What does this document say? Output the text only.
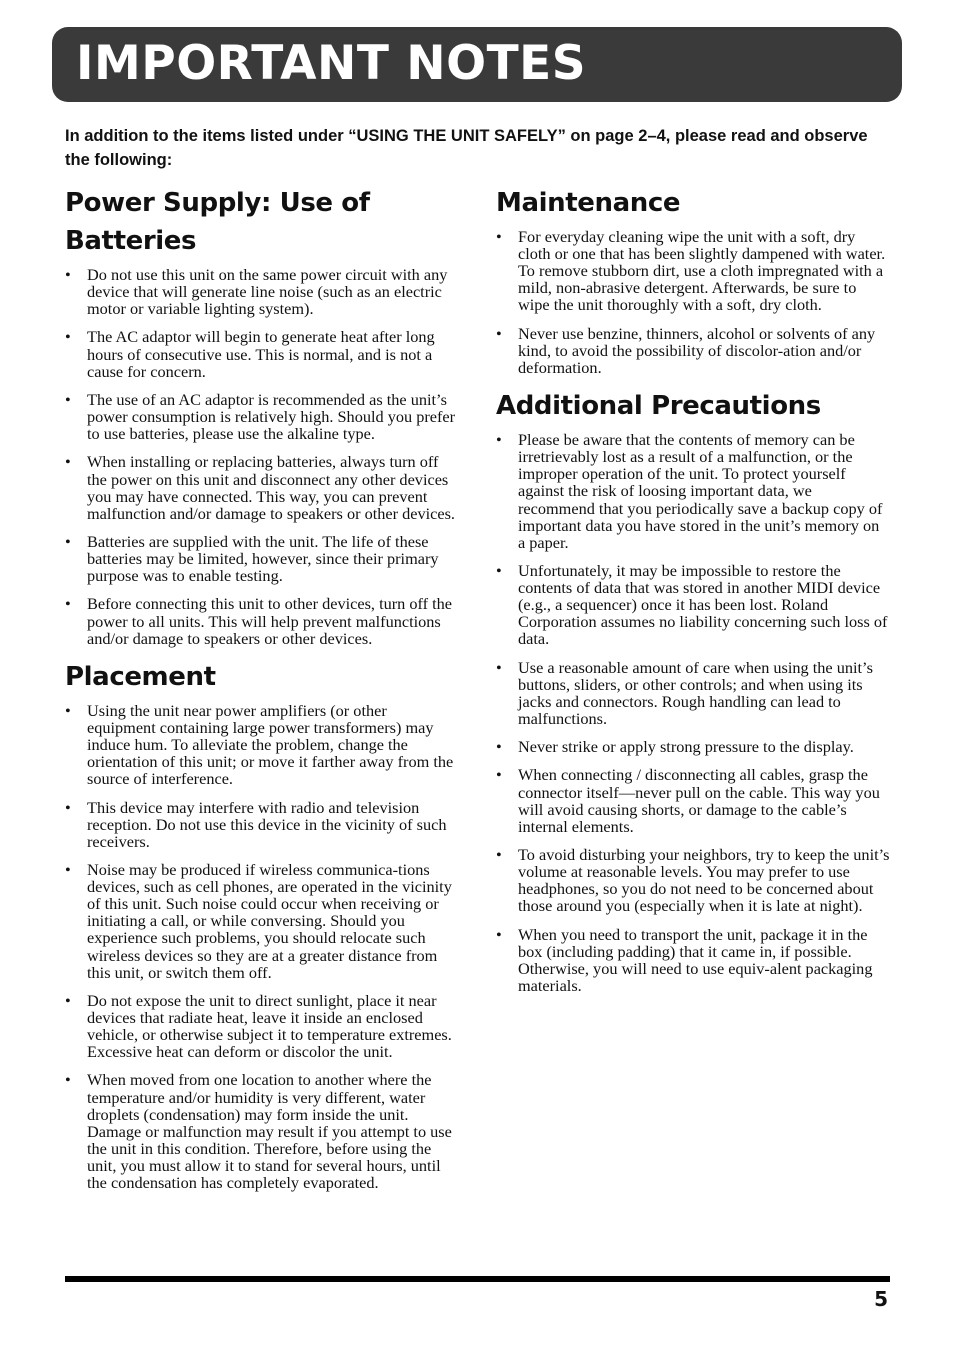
IMPORTANT NOTES
In addition to the items listed under “USING THE UNIT SAFELY” on page 2–4, please read and observe the following:
Power Supply: Use of Batteries
• Do not use this unit on the same power circuit with any device that will generate line noise (such as an electric motor or variable lighting system).
• The AC adaptor will begin to generate heat after long hours of consecutive use. This is normal, and is not a cause for concern.
• The use of an AC adaptor is recommended as the unit’s power consumption is relatively high. Should you prefer to use batteries, please use the alkaline type.
• When installing or replacing batteries, always turn off the power on this unit and disconnect any other devices you may have connected. This way, you can prevent malfunction and/or damage to speakers or other devices.
• Batteries are supplied with the unit. The life of these batteries may be limited, however, since their primary purpose was to enable testing.
• Before connecting this unit to other devices, turn off the power to all units. This will help prevent malfunctions and/or damage to speakers or other devices.
Placement
• Using the unit near power amplifiers (or other equipment containing large power transformers) may induce hum. To alleviate the problem, change the orientation of this unit; or move it farther away from the source of interference.
• This device may interfere with radio and television reception. Do not use this device in the vicinity of such receivers.
• Noise may be produced if wireless communica-tions devices, such as cell phones, are operated in the vicinity of this unit. Such noise could occur when receiving or initiating a call, or while conversing. Should you experience such problems, you should relocate such wireless devices so they are at a greater distance from this unit, or switch them off.
• Do not expose the unit to direct sunlight, place it near devices that radiate heat, leave it inside an enclosed vehicle, or otherwise subject it to temperature extremes. Excessive heat can deform or discolor the unit.
• When moved from one location to another where the temperature and/or humidity is very different, water droplets (condensation) may form inside the unit. Damage or malfunction may result if you attempt to use the unit in this condition. Therefore, before using the unit, you must allow it to stand for several hours, until the condensation has completely evaporated.
Maintenance
• For everyday cleaning wipe the unit with a soft, dry cloth or one that has been slightly dampened with water. To remove stubborn dirt, use a cloth impregnated with a mild, non-abrasive detergent. Afterwards, be sure to wipe the unit thoroughly with a soft, dry cloth.
• Never use benzine, thinners, alcohol or solvents of any kind, to avoid the possibility of discolor-ation and/or deformation.
Additional Precautions
• Please be aware that the contents of memory can be irretrievably lost as a result of a malfunction, or the improper operation of the unit. To protect yourself against the risk of loosing important data, we recommend that you periodically save a backup copy of important data you have stored in the unit’s memory on a paper.
• Unfortunately, it may be impossible to restore the contents of data that was stored in another MIDI device (e.g., a sequencer) once it has been lost. Roland Corporation assumes no liability concerning such loss of data.
• Use a reasonable amount of care when using the unit’s buttons, sliders, or other controls; and when using its jacks and connectors. Rough handling can lead to malfunctions.
• Never strike or apply strong pressure to the display.
• When connecting / disconnecting all cables, grasp the connector itself—never pull on the cable. This way you will avoid causing shorts, or damage to the cable’s internal elements.
• To avoid disturbing your neighbors, try to keep the unit’s volume at reasonable levels. You may prefer to use headphones, so you do not need to be concerned about those around you (especially when it is late at night).
• When you need to transport the unit, package it in the box (including padding) that it came in, if possible. Otherwise, you will need to use equiv-alent packaging materials.
5
